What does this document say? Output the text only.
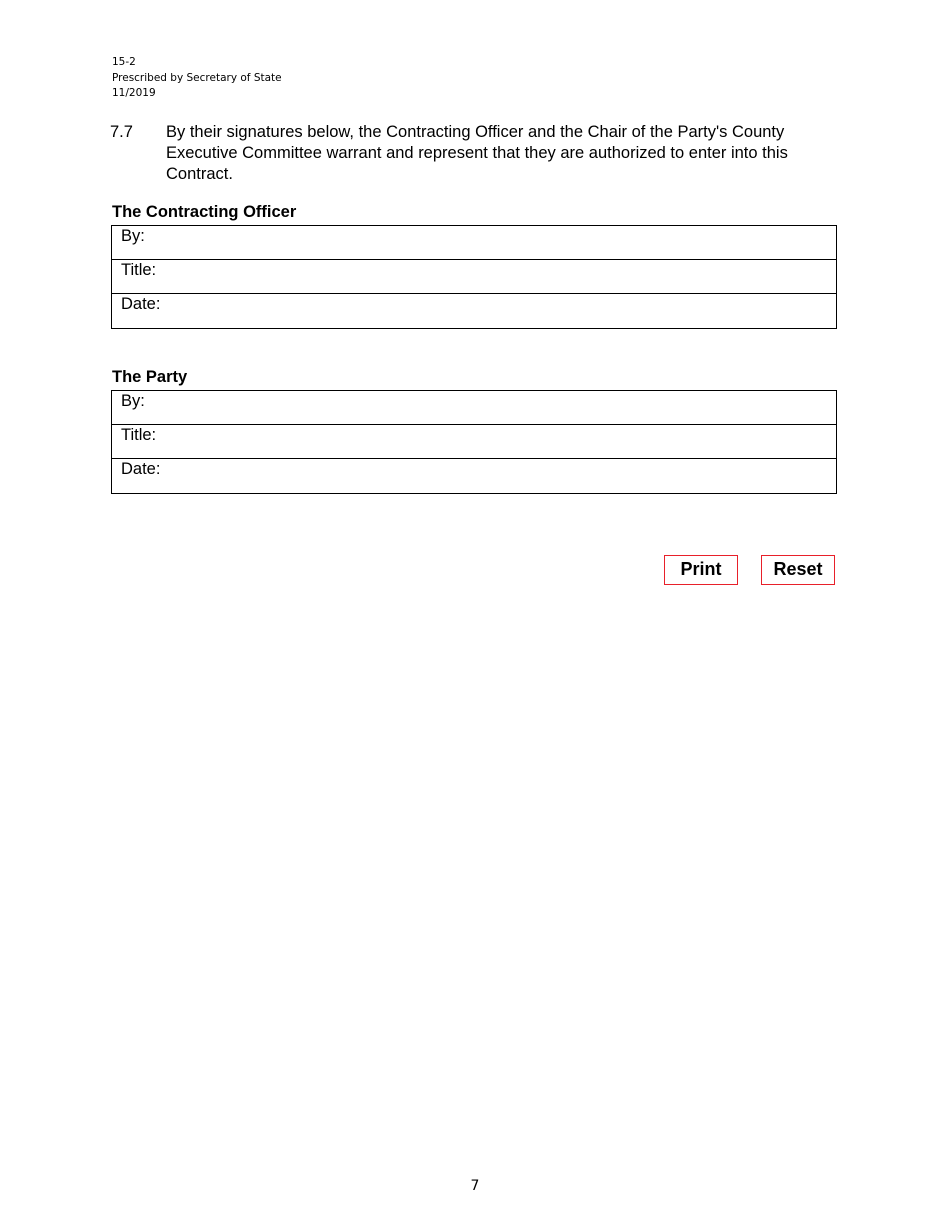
15-2
Prescribed by Secretary of State
11/2019
7.7 By their signatures below, the Contracting Officer and the Chair of the Party's County Executive Committee warrant and represent that they are authorized to enter into this Contract.
The Contracting Officer
By:
Title:
Date:
The Party
By:
Title:
Date:
Print	Reset
7
